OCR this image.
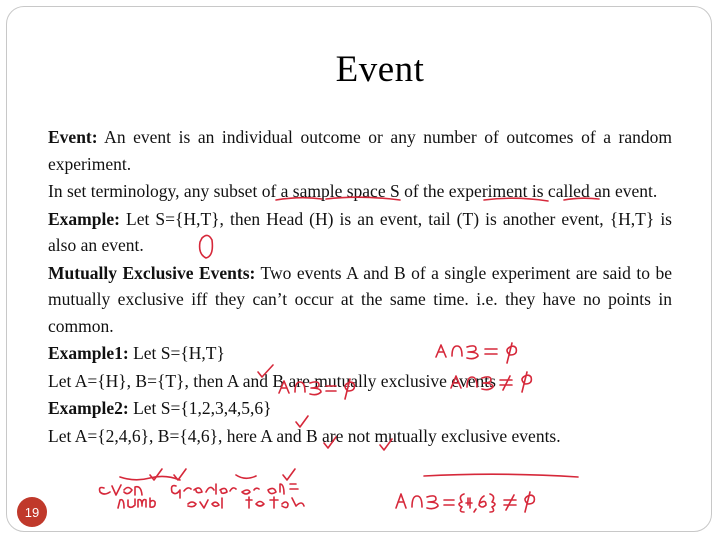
Event

Event: An event is an individual outcome or any number of outcomes of a random experiment.

In set terminology, any subset of a sample space S of the experiment is called an event.

Example: Let S={H,T}, then Head (H) is an event, tail (T) is another event, {H,T} is also an event.

Mutually Exclusive Events: Two events A and B of a single experiment are said to be mutually exclusive iff they can’t occur at the same time. i.e. they have no points in common.

Example1: Let S={H,T}

Let A={H}, B={T}, then A and B are mutually exclusive events

Example2: Let S={1,2,3,4,5,6}

Let A={2,4,6}, B={4,6}, here A and B are not mutually exclusive events.

19
